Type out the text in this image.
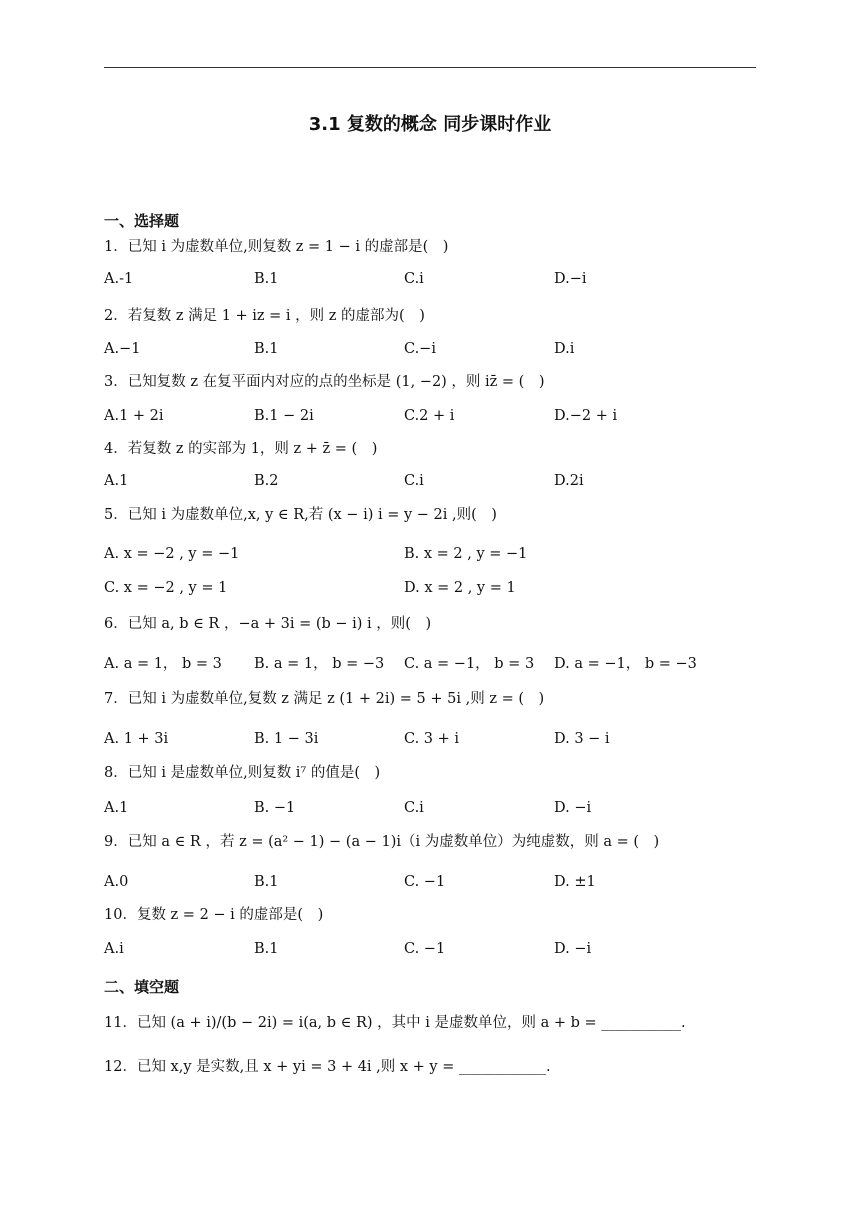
3.1 复数的概念 同步课时作业
一、选择题
1．已知 i 为虚数单位,则复数 z = 1 − i 的虚部是(　)
A.-1	B.1	C.i	D.−i
2．若复数 z 满足 1 + iz = i ，则 z 的虚部为(　)
A.−1	B.1	C.−i	D.i
3．已知复数 z 在复平面内对应的点的坐标是 (1, −2) ，则 iz̄ = (　)
A.1 + 2i	B.1 − 2i	C.2 + i	D.−2 + i
4．若复数 z 的实部为 1，则 z + z̄ = (　)
A.1	B.2	C.i	D.2i
5．已知 i 为虚数单位,x, y ∈ R,若 (x − i) i = y − 2i ,则(　)
A. x = −2 , y = −1	B. x = 2 , y = −1
C. x = −2 , y = 1	D. x = 2 , y = 1
6．已知 a, b ∈ R ，−a + 3i = (b − i) i ，则(　)
A. a = 1， b = 3 B. a = 1， b = −3 C. a = −1， b = 3 D. a = −1， b = −3
7．已知 i 为虚数单位,复数 z 满足 z (1 + 2i) = 5 + 5i ,则 z = (　)
A. 1 + 3i	B. 1 − 3i	C. 3 + i	D. 3 − i
8．已知 i 是虚数单位,则复数 i⁷ 的值是(　)
A.1	B. −1	C.i	D. −i
9．已知 a ∈ R ，若 z = (a² − 1) − (a − 1)i（i 为虚数单位）为纯虚数，则 a = (　)
A.0	B.1	C. −1	D. ±1
10．复数 z = 2 − i 的虚部是(　)
A.i	B.1	C. −1	D. −i
二、填空题
11．已知 (a + i)/(b − 2i) = i(a, b ∈ R) ，其中 i 是虚数单位，则 a + b = ___________.
12．已知 x,y 是实数,且 x + yi = 3 + 4i ,则 x + y = ____________.
